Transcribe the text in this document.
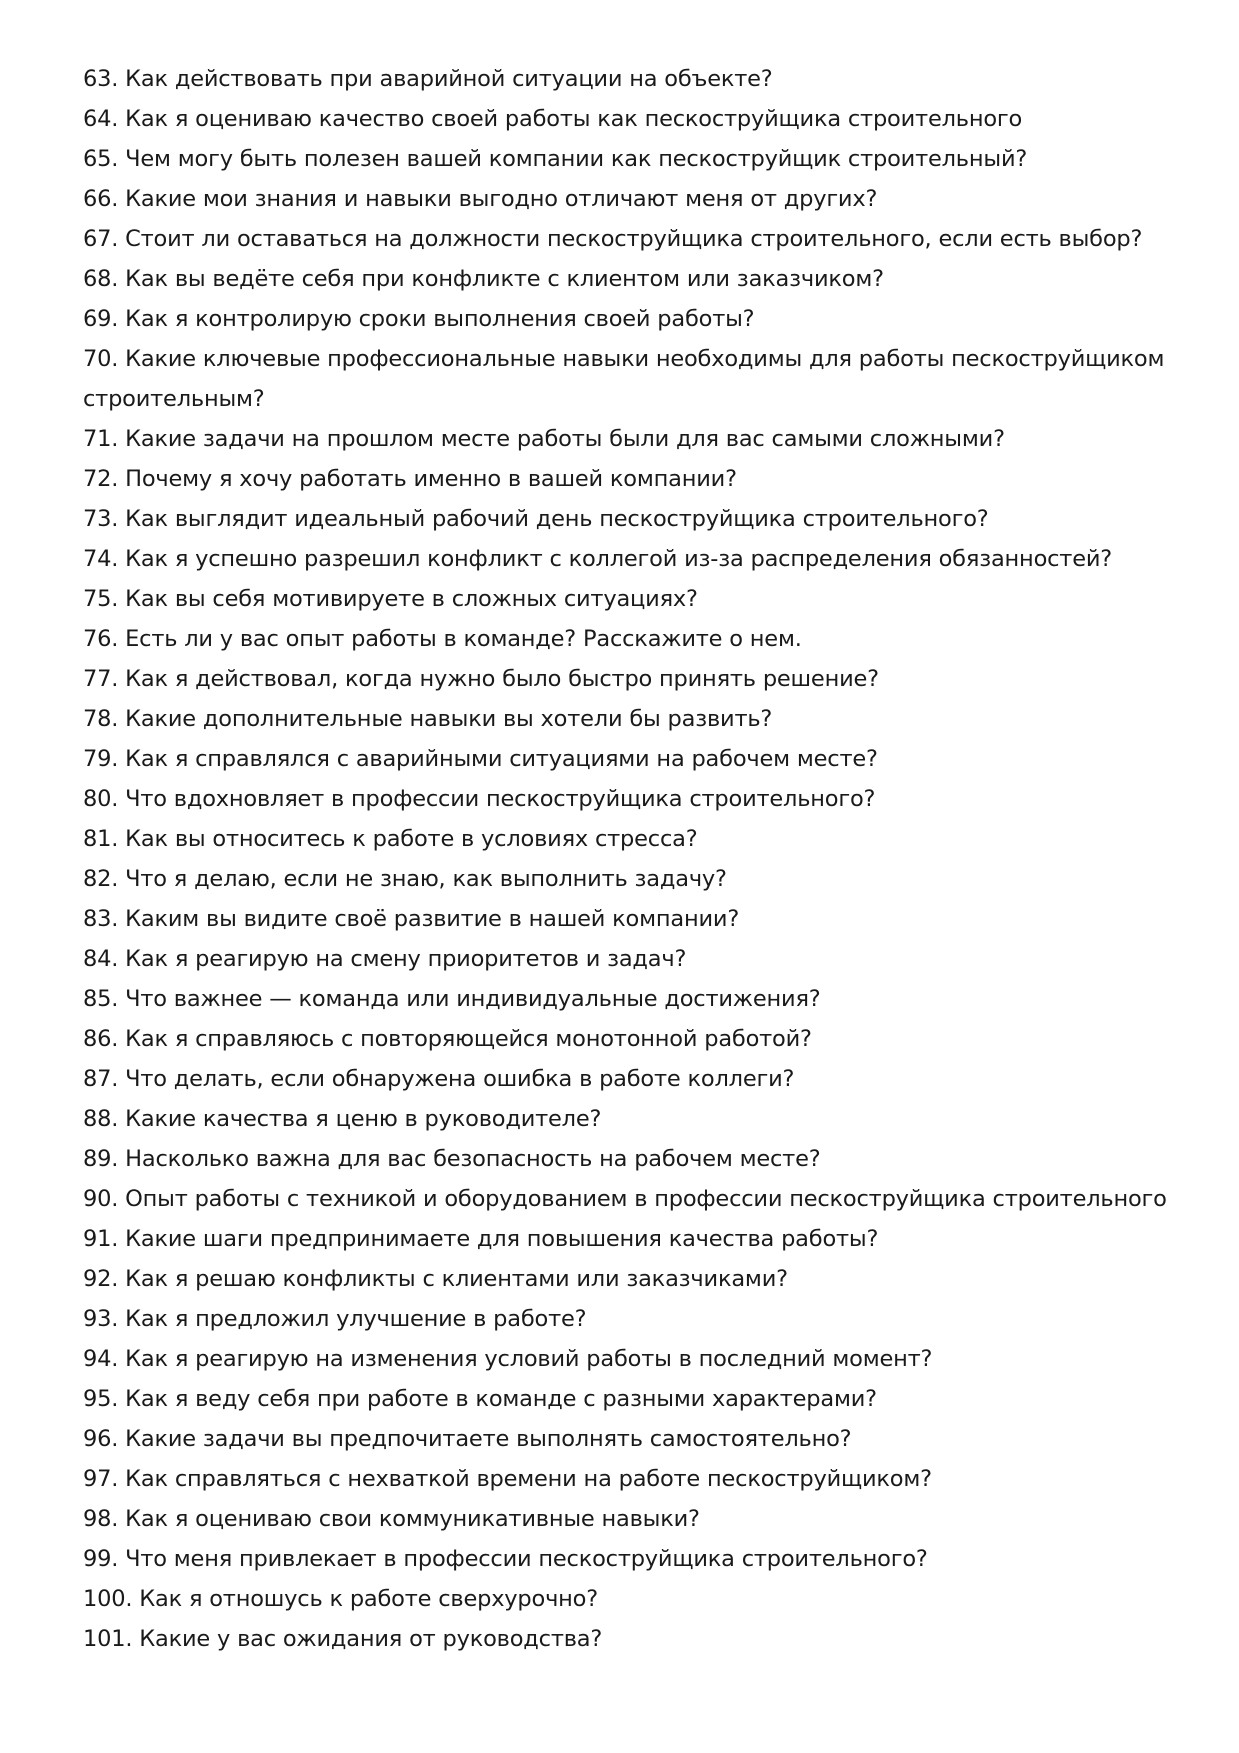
63. Как действовать при аварийной ситуации на объекте?
64. Как я оцениваю качество своей работы как пескоструйщика строительного
65. Чем могу быть полезен вашей компании как пескоструйщик строительный?
66. Какие мои знания и навыки выгодно отличают меня от других?
67. Стоит ли оставаться на должности пескоструйщика строительного, если есть выбор?
68. Как вы ведёте себя при конфликте с клиентом или заказчиком?
69. Как я контролирую сроки выполнения своей работы?
70. Какие ключевые профессиональные навыки необходимы для работы пескоструйщиком строительным?
71. Какие задачи на прошлом месте работы были для вас самыми сложными?
72. Почему я хочу работать именно в вашей компании?
73. Как выглядит идеальный рабочий день пескоструйщика строительного?
74. Как я успешно разрешил конфликт с коллегой из-за распределения обязанностей?
75. Как вы себя мотивируете в сложных ситуациях?
76. Есть ли у вас опыт работы в команде? Расскажите о нем.
77. Как я действовал, когда нужно было быстро принять решение?
78. Какие дополнительные навыки вы хотели бы развить?
79. Как я справлялся с аварийными ситуациями на рабочем месте?
80. Что вдохновляет в профессии пескоструйщика строительного?
81. Как вы относитесь к работе в условиях стресса?
82. Что я делаю, если не знаю, как выполнить задачу?
83. Каким вы видите своё развитие в нашей компании?
84. Как я реагирую на смену приоритетов и задач?
85. Что важнее — команда или индивидуальные достижения?
86. Как я справляюсь с повторяющейся монотонной работой?
87. Что делать, если обнаружена ошибка в работе коллеги?
88. Какие качества я ценю в руководителе?
89. Насколько важна для вас безопасность на рабочем месте?
90. Опыт работы с техникой и оборудованием в профессии пескоструйщика строительного
91. Какие шаги предпринимаете для повышения качества работы?
92. Как я решаю конфликты с клиентами или заказчиками?
93. Как я предложил улучшение в работе?
94. Как я реагирую на изменения условий работы в последний момент?
95. Как я веду себя при работе в команде с разными характерами?
96. Какие задачи вы предпочитаете выполнять самостоятельно?
97. Как справляться с нехваткой времени на работе пескоструйщиком?
98. Как я оцениваю свои коммуникативные навыки?
99. Что меня привлекает в профессии пескоструйщика строительного?
100. Как я отношусь к работе сверхурочно?
101. Какие у вас ожидания от руководства?
